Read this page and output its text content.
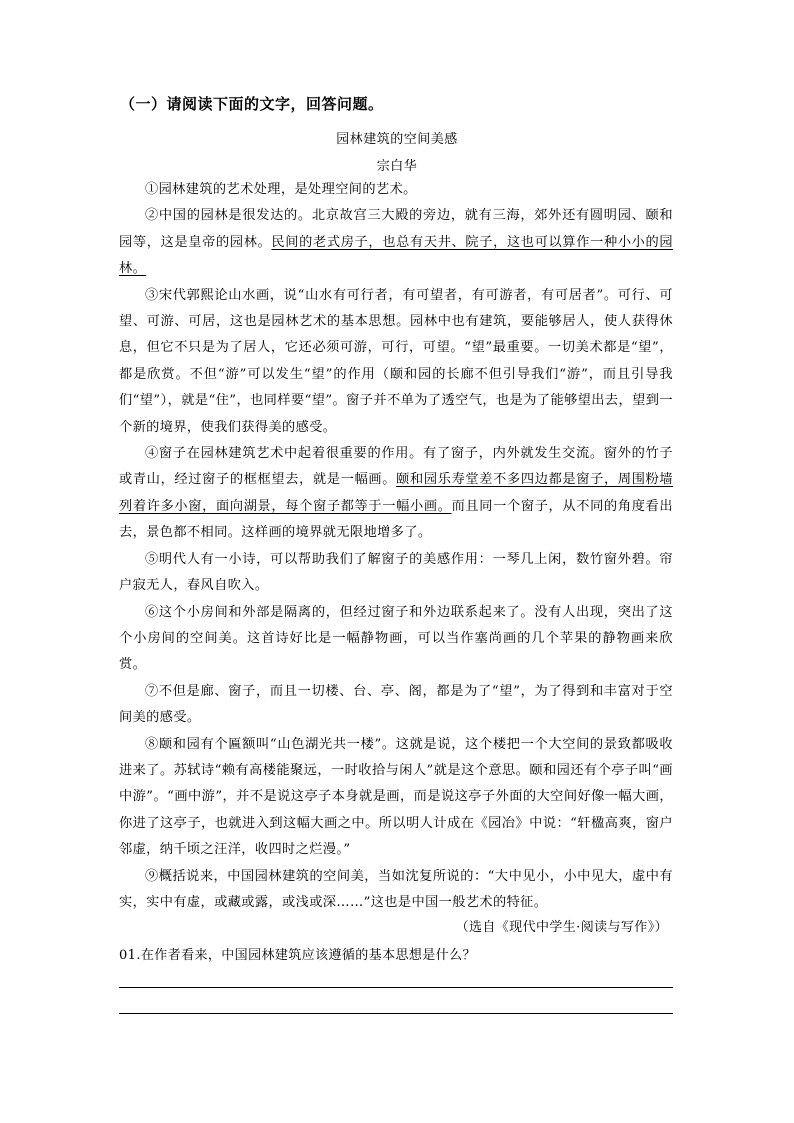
（一）请阅读下面的文字，回答问题。
园林建筑的空间美感
宗白华

①园林建筑的艺术处理，是处理空间的艺术。

②中国的园林是很发达的。北京故宫三大殿的旁边，就有三海，郊外还有圆明园、颐和园等，这是皇帝的园林。民间的老式房子，也总有天井、院子，这也可以算作一种小小的园林。

③宋代郭熙论山水画，说“山水有可行者，有可望者，有可游者，有可居者”。可行、可望、可游、可居，这也是园林艺术的基本思想。园林中也有建筑，要能够居人，使人获得休息，但它不只是为了居人，它还必须可游，可行，可望。“望”最重要。一切美术都是“望”，都是欣赏。不但“游”可以发生“望”的作用（颐和园的长廊不但引导我们“游”，而且引导我们“望”），就是“住”，也同样要“望”。窗子并不单为了透空气，也是为了能够望出去，望到一个新的境界，使我们获得美的感受。

④窗子在园林建筑艺术中起着很重要的作用。有了窗子，内外就发生交流。窗外的竹子或青山，经过窗子的框框望去，就是一幅画。颐和园乐寿堂差不多四边都是窗子，周围粉墙列着许多小窗，面向湖景，每个窗子都等于一幅小画。而且同一个窗子，从不同的角度看出去，景色都不相同。这样画的境界就无限地增多了。

⑤明代人有一小诗，可以帮助我们了解窗子的美感作用：一琴几上闲，数竹窗外碧。帘户寂无人，春风自吹入。

⑥这个小房间和外部是隔离的，但经过窗子和外边联系起来了。没有人出现，突出了这个小房间的空间美。这首诗好比是一幅静物画，可以当作塞尚画的几个苹果的静物画来欣赏。

⑦不但是廊、窗子，而且一切楼、台、亭、阁，都是为了“望”，为了得到和丰富对于空间美的感受。

⑧颐和园有个匾额叫“山色湖光共一楼”。这就是说，这个楼把一个大空间的景致都吸收进来了。苏轼诗“赖有高楼能聚远，一时收拾与闲人”就是这个意思。颐和园还有个亭子叫“画中游”。“画中游”，并不是说这亭子本身就是画，而是说这亭子外面的大空间好像一幅大画，你进了这亭子，也就进入到这幅大画之中。所以明人计成在《园冶》中说：“轩楹高爽，窗户邻虚，纳千顷之汪洋，收四时之烂漫。”

⑨概括说来，中国园林建筑的空间美，当如沈复所说的：“大中见小，小中见大，虚中有实，实中有虚，或藏或露，或浅或深……”这也是中国一般艺术的特征。

（选自《现代中学生·阅读与写作》）
01.在作者看来，中国园林建筑应该遵循的基本思想是什么？
